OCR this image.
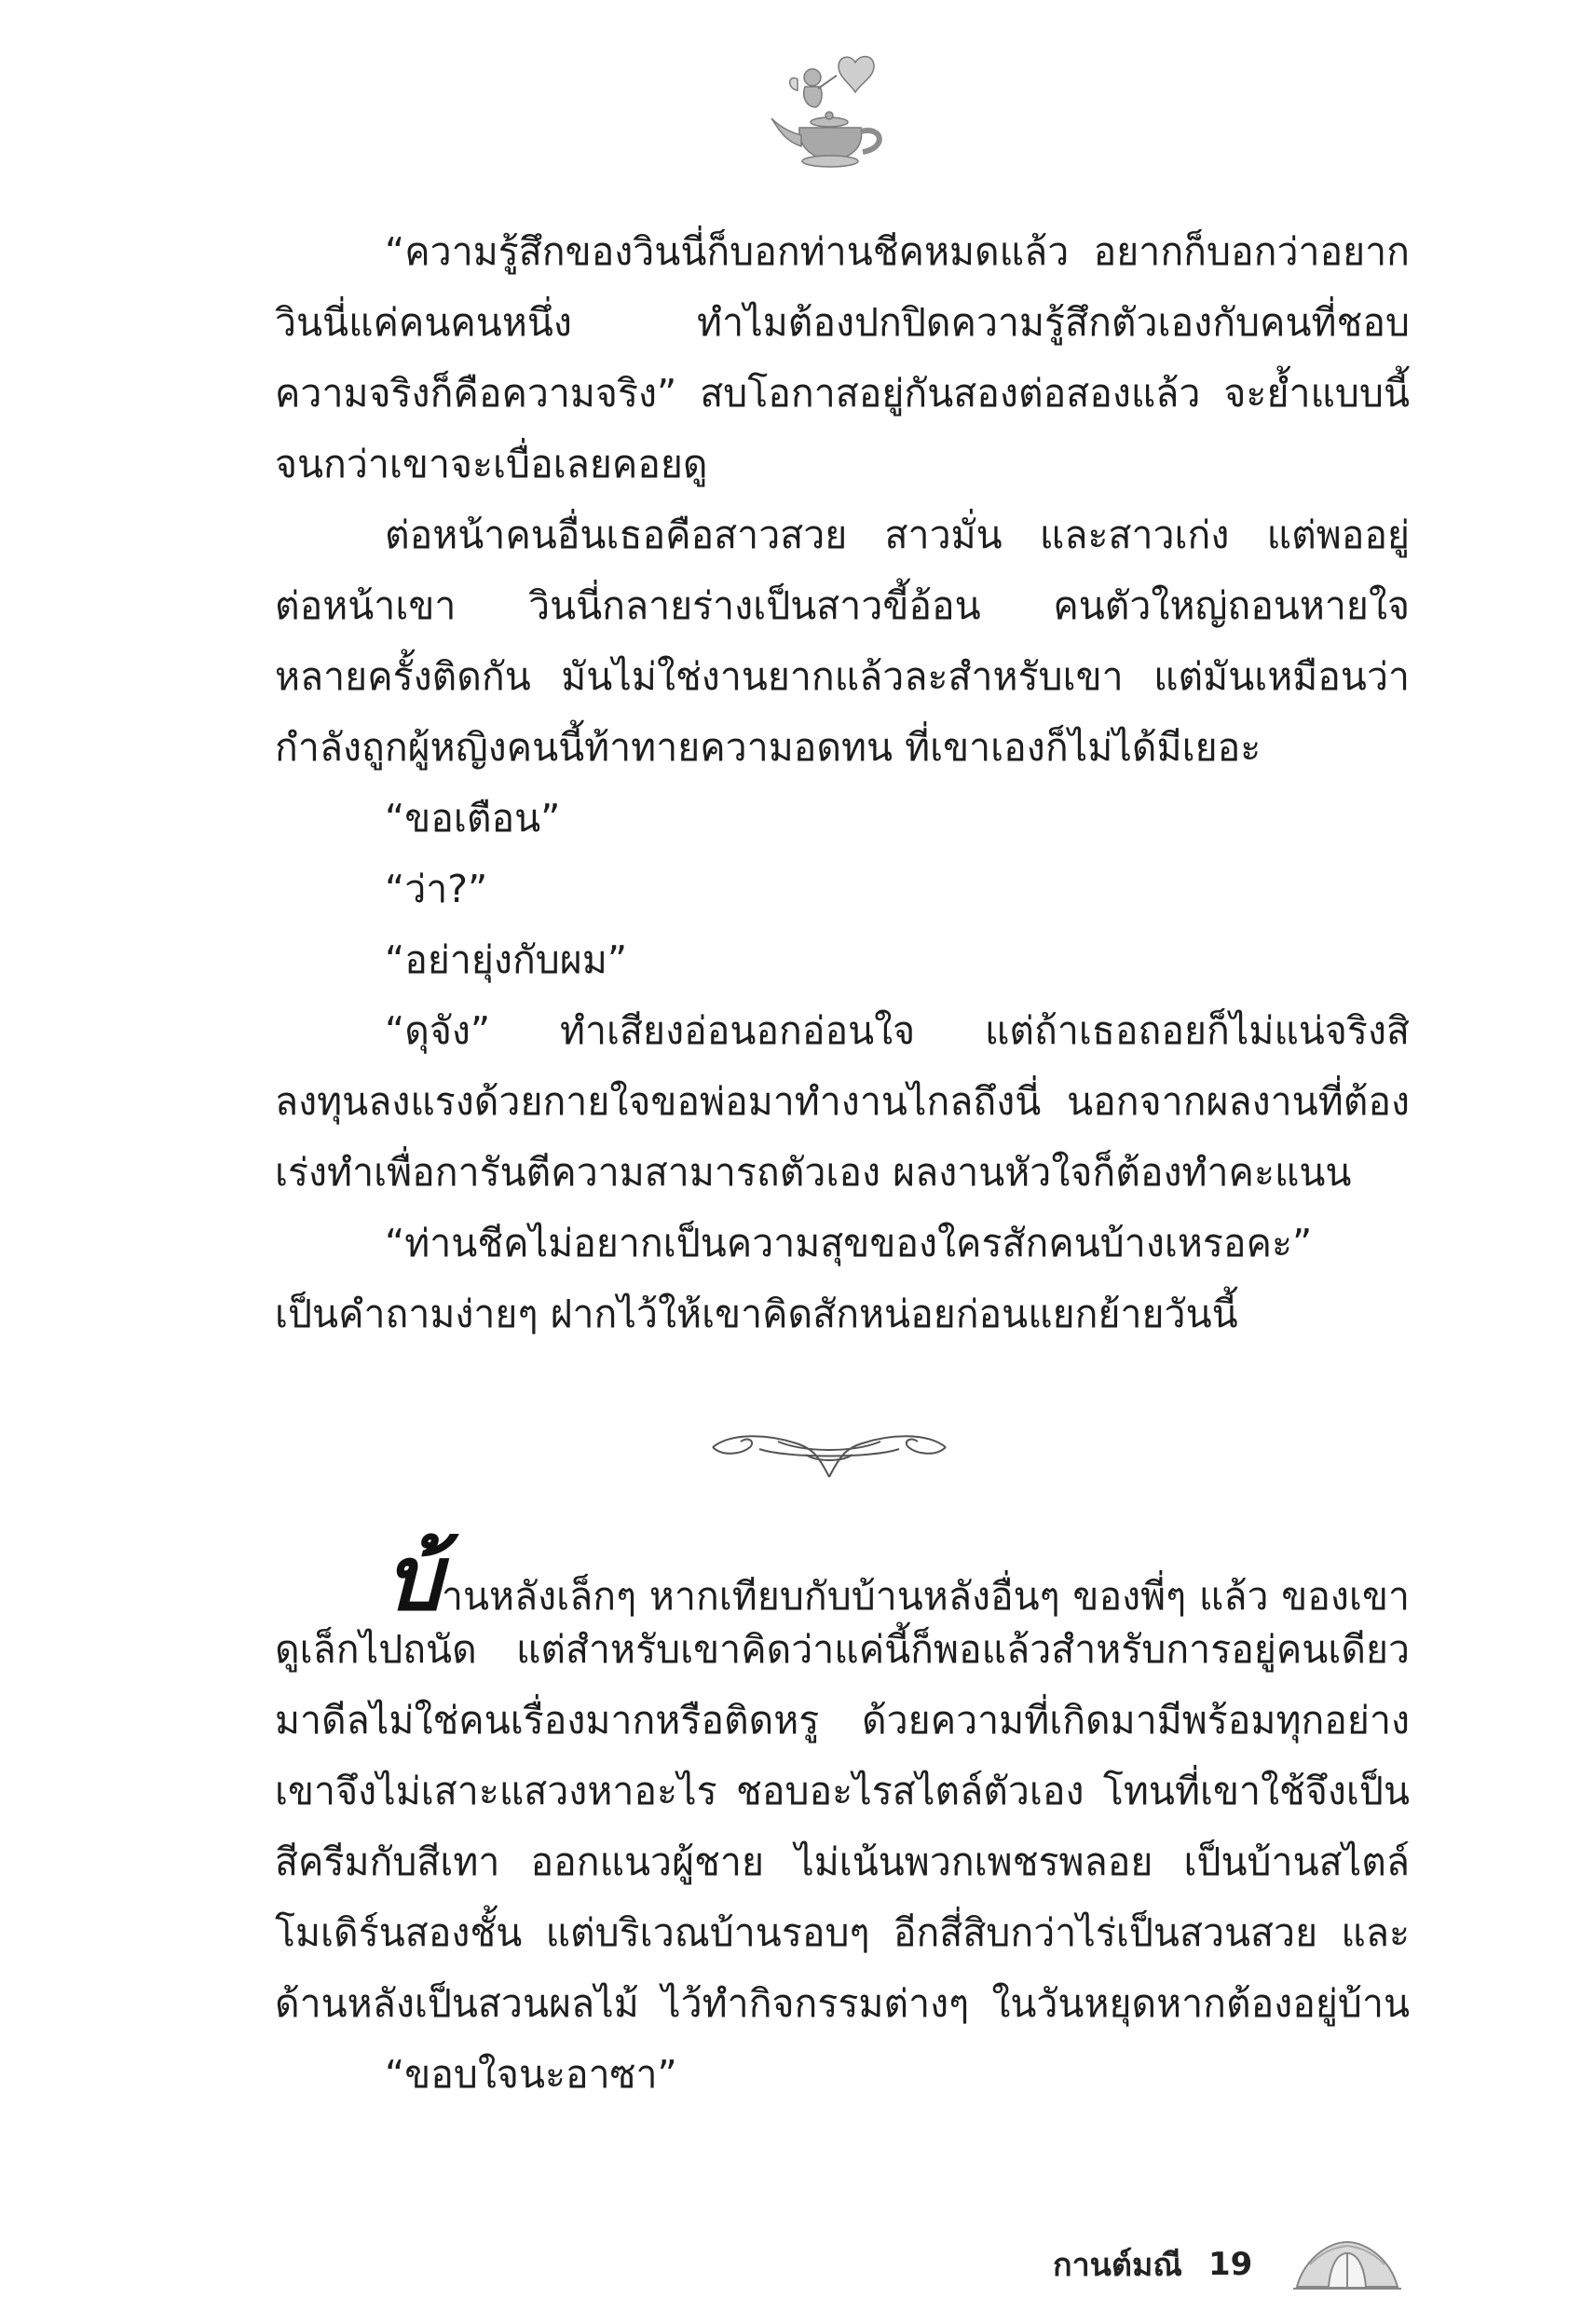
“ความรู้สึกของวินนี่ก็บอกท่านชีคหมดแล้ว อยากก็บอกว่าอยาก
วินนี่แค่คนคนหนึ่ง ทำไมต้องปกปิดความรู้สึกตัวเองกับคนที่ชอบ
ความจริงก็คือความจริง” สบโอกาสอยู่กันสองต่อสองแล้ว จะย้ำแบบนี้
จนกว่าเขาจะเบื่อเลยคอยดู
ต่อหน้าคนอื่นเธอคือสาวสวย สาวมั่น และสาวเก่ง แต่พออยู่
ต่อหน้าเขา วินนี่กลายร่างเป็นสาวขี้อ้อน คนตัวใหญ่ถอนหายใจ
หลายครั้งติดกัน มันไม่ใช่งานยากแล้วละสำหรับเขา แต่มันเหมือนว่า
กำลังถูกผู้หญิงคนนี้ท้าทายความอดทน ที่เขาเองก็ไม่ได้มีเยอะ
“ขอเตือน”
“ว่า?”
“อย่ายุ่งกับผม”
“ดุจัง” ทำเสียงอ่อนอกอ่อนใจ แต่ถ้าเธอถอยก็ไม่แน่จริงสิ
ลงทุนลงแรงด้วยกายใจขอพ่อมาทำงานไกลถึงนี่ นอกจากผลงานที่ต้อง
เร่งทำเพื่อการันตีความสามารถตัวเอง ผลงานหัวใจก็ต้องทำคะแนน
“ท่านชีคไม่อยากเป็นความสุขของใครสักคนบ้างเหรอคะ”
เป็นคำถามง่ายๆ ฝากไว้ให้เขาคิดสักหน่อยก่อนแยกย้ายวันนี้
บ้านหลังเล็กๆ หากเทียบกับบ้านหลังอื่นๆ ของพี่ๆ แล้ว ของเขา
ดูเล็กไปถนัด แต่สำหรับเขาคิดว่าแค่นี้ก็พอแล้วสำหรับการอยู่คนเดียว
มาดีลไม่ใช่คนเรื่องมากหรือติดหรู ด้วยความที่เกิดมามีพร้อมทุกอย่าง
เขาจึงไม่เสาะแสวงหาอะไร ชอบอะไรสไตล์ตัวเอง โทนที่เขาใช้จึงเป็น
สีครีมกับสีเทา ออกแนวผู้ชาย ไม่เน้นพวกเพชรพลอย เป็นบ้านสไตล์
โมเดิร์นสองชั้น แต่บริเวณบ้านรอบๆ อีกสี่สิบกว่าไร่เป็นสวนสวย และ
ด้านหลังเป็นสวนผลไม้ ไว้ทำกิจกรรมต่างๆ ในวันหยุดหากต้องอยู่บ้าน
“ขอบใจนะอาซา”
กานต์มณี 19
